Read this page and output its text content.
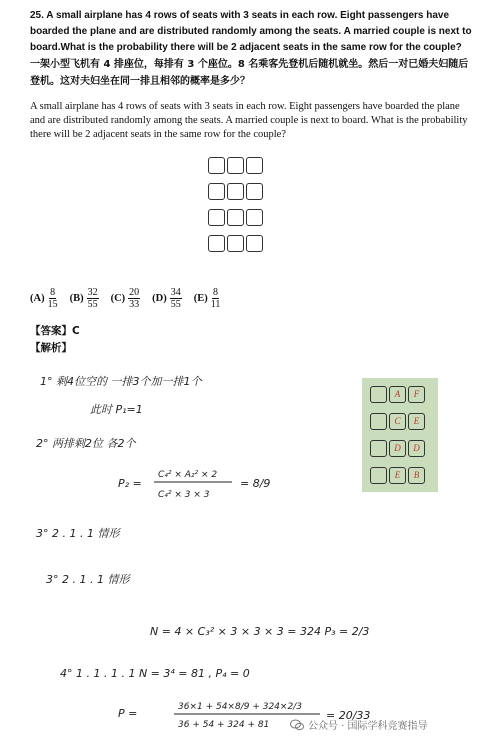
25. A small airplane has 4 rows of seats with 3 seats in each row. Eight passengers have boarded the plane and are distributed randomly among the seats. A married couple is next to board.What is the probability there will be 2 adjacent seats in the same row for the couple?
一架小型飞机有 4 排座位，每排有 3 个座位。8 名乘客先登机后随机就坐。然后一对已婚夫妇随后登机。这对夫妇坐在同一排且相邻的概率是多少？
A small airplane has 4 rows of seats with 3 seats in each row. Eight passengers have boarded the plane and are distributed randomly among the seats. A married couple is next to board. What is the probability there will be 2 adjacent seats in the same row for the couple?
$(A) \frac{8}{15} (B) \frac{32}{55} (C) \frac{20}{33} (D) \frac{34}{55} (E) \frac{8}{11}$
【答案】C
【解析】
1° 剩4位空的 一排3个加一排1个
此时 P₁=1
2° 两排剩2位 各2个
P₂ =
C₄² × A₂² × 2
C₄² × 3 × 3
= 8/9
3° 2 . 1 . 1 情形
3° 2 . 1 . 1 情形
N = 4 × C₃² × 3 × 3 × 3 = 324 P₃ = 2/3
4° 1 . 1 . 1 . 1 N = 3⁴ = 81 , P₄ = 0
P =	36×1 + 54×8/9 + 324×2/3
36 + 54 + 324 + 81
= 20/33
A	F
C	E
D	D
E	B
公众号 · 国际学科竞赛指导
